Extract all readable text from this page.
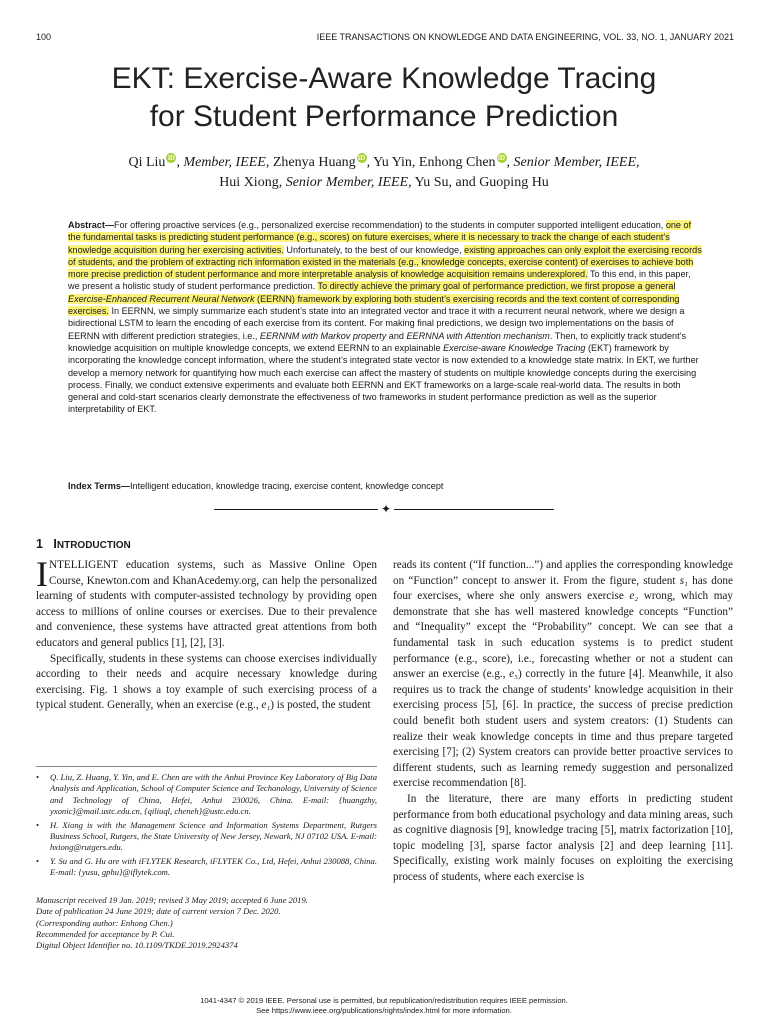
100	IEEE TRANSACTIONS ON KNOWLEDGE AND DATA ENGINEERING, VOL. 33, NO. 1, JANUARY 2021
EKT: Exercise-Aware Knowledge Tracing
for Student Performance Prediction
Qi Liu iD , Member, IEEE, Zhenya Huang iD , Yu Yin, Enhong Chen iD , Senior Member, IEEE,
Hui Xiong, Senior Member, IEEE, Yu Su, and Guoping Hu
Abstract—For offering proactive services (e.g., personalized exercise recommendation) to the students in computer supported intelligent education, one of the fundamental tasks is predicting student performance (e.g., scores) on future exercises, where it is necessary to track the change of each student’s knowledge acquisition during her exercising activities. Unfortunately, to the best of our knowledge, existing approaches can only exploit the exercising records of students, and the problem of extracting rich information existed in the materials (e.g., knowledge concepts, exercise content) of exercises to achieve both more precise prediction of student performance and more interpretable analysis of knowledge acquisition remains underexplored. To this end, in this paper, we present a holistic study of student performance prediction. To directly achieve the primary goal of performance prediction, we first propose a general Exercise-Enhanced Recurrent Neural Network (EERNN) framework by exploring both student’s exercising records and the text content of corresponding exercises. In EERNN, we simply summarize each student’s state into an integrated vector and trace it with a recurrent neural network, where we design a bidirectional LSTM to learn the encoding of each exercise from its content. For making final predictions, we design two implementations on the basis of EERNN with different prediction strategies, i.e., EERNNM with Markov property and EERNNA with Attention mechanism. Then, to explicitly track student’s knowledge acquisition on multiple knowledge concepts, we extend EERNN to an explainable Exercise-aware Knowledge Tracing (EKT) framework by incorporating the knowledge concept information, where the student’s integrated state vector is now extended to a knowledge state matrix. In EKT, we further develop a memory network for quantifying how much each exercise can affect the mastery of students on multiple knowledge concepts during the exercising process. Finally, we conduct extensive experiments and evaluate both EERNN and EKT frameworks on a large-scale real-world data. The results in both general and cold-start scenarios clearly demonstrate the effectiveness of two frameworks in student performance prediction as well as the superior interpretability of EKT.
Index Terms—Intelligent education, knowledge tracing, exercise content, knowledge concept
✦
1 INTRODUCTION

INTELLIGENT education systems, such as Massive Online Open Course, Knewton.com and KhanAcedemy.org, can help the personalized learning of students with computer-assisted technology by providing open access to millions of online courses or exercises. Due to their prevalence and convenience, these systems have attracted great attentions from both educators and general publics [1], [2], [3].

Specifically, students in these systems can choose exercises individually according to their needs and acquire necessary knowledge during exercising. Fig. 1 shows a toy example of such exercising process of a typical student. Generally, when an exercise (e.g., e₁) is posted, the student

• Q. Liu, Z. Huang, Y. Yin, and E. Chen are with the Anhui Province Key Laboratory of Big Data Analysis and Application, School of Computer Science and Techonology, University of Science and Technology of China, Hefei, Anhui 230026, China. E-mail: {huangzhy, yxonic}@mail.ustc.edu.cn, {qiliuql, cheneh}@ustc.edu.cn.
• H. Xiong is with the Management Science and Information Systems Department, Rutgers Business School, Rutgers, the State University of New Jersey, Newark, NJ 07102 USA. E-mail: hxiong@rutgers.edu.
• Y. Su and G. Hu are with iFLYTEK Research, iFLYTEK Co., Ltd, Hefei, Anhui 230088, China. E-mail: {yusu, gphu}@iflytek.com.
Manuscript received 19 Jan. 2019; revised 3 May 2019; accepted 6 June 2019.
Date of publication 24 June 2019; date of current version 7 Dec. 2020.
(Corresponding author: Enhong Chen.)
Recommended for acceptance by P. Cui.
Digital Object Identifier no. 10.1109/TKDE.2019.2924374

reads its content (“If function...”) and applies the corresponding knowledge on “Function” concept to answer it. From the figure, student s₁ has done four exercises, where she only answers exercise e₂ wrong, which may demonstrate that she has well mastered knowledge concepts “Function” and “Inequality” except the “Probability” concept. We can see that a fundamental task in such education systems is to predict student performance (e.g., score), i.e., forecasting whether or not a student can answer an exercise (e.g., e₅) correctly in the future [4]. Meanwhile, it also requires us to track the change of students’ knowledge acquisition in their exercising process [5], [6]. In practice, the success of precise prediction could benefit both student users and system creators: (1) Students can realize their weak knowledge concepts in time and thus prepare targeted exercising [7]; (2) System creators can provide better proactive services to different students, such as learning remedy suggestion and personalized exercise recommendation [8].

In the literature, there are many efforts in predicting student performance from both educational psychology and data mining areas, such as cognitive diagnosis [9], knowledge tracing [5], matrix factorization [10], topic modeling [3], sparse factor analysis [2] and deep learning [11]. Specifically, existing work mainly focuses on exploiting the exercising process of students, where each exercise is

1041-4347 © 2019 IEEE. Personal use is permitted, but republication/redistribution requires IEEE permission.
See https://www.ieee.org/publications/rights/index.html for more information.
